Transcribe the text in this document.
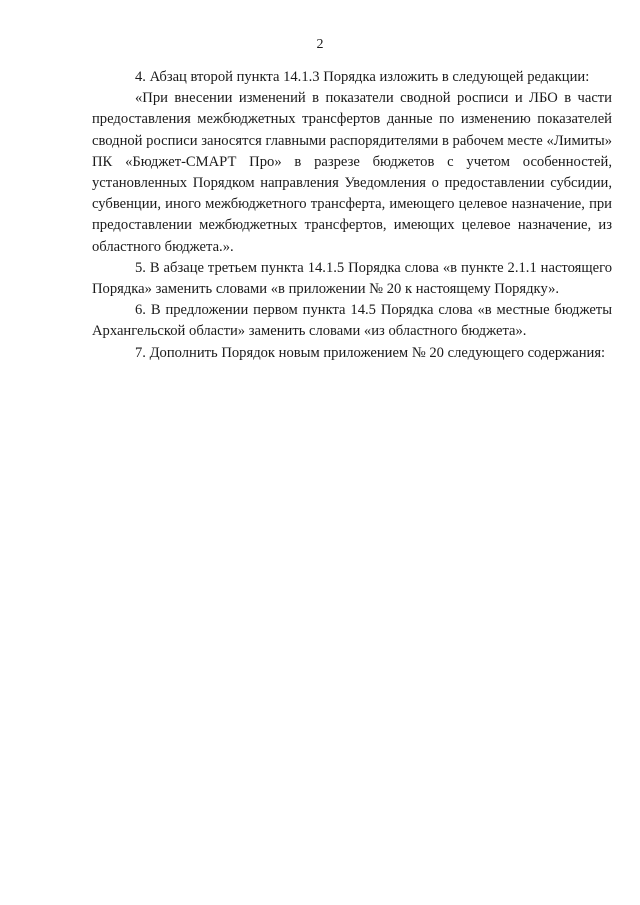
2

4. Абзац второй пункта 14.1.3 Порядка изложить в следующей редакции:

«При внесении изменений в показатели сводной росписи и ЛБО в части предоставления межбюджетных трансфертов данные по изменению показателей сводной росписи заносятся главными распорядителями в рабочем месте «Лимиты» ПК «Бюджет-СМАРТ Про» в разрезе бюджетов с учетом особенностей, установленных Порядком направления Уведомления о предоставлении субсидии, субвенции, иного межбюджетного трансферта, имеющего целевое назначение, при предоставлении межбюджетных трансфертов, имеющих целевое назначение, из областного бюджета.».

5. В абзаце третьем пункта 14.1.5 Порядка слова «в пункте 2.1.1 настоящего Порядка» заменить словами «в приложении № 20 к настоящему Порядку».

6. В предложении первом пункта 14.5 Порядка слова «в местные бюджеты Архангельской области» заменить словами «из областного бюджета».

7. Дополнить Порядок новым приложением № 20 следующего содержания:
